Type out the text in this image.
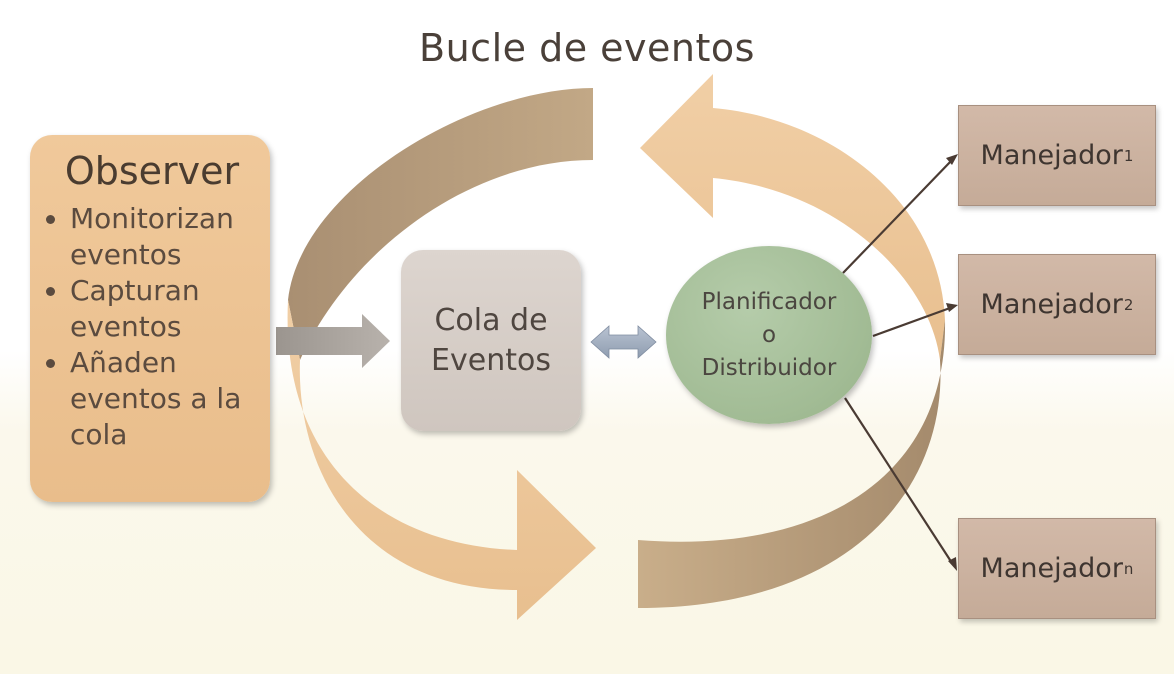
Bucle de eventos
Observer
• Monitorizan eventos
• Capturan eventos
• Añaden eventos a la cola
Cola de
Eventos
Planificador
o
Distribuidor
Manejador 1
Manejador 2
Manejador n
